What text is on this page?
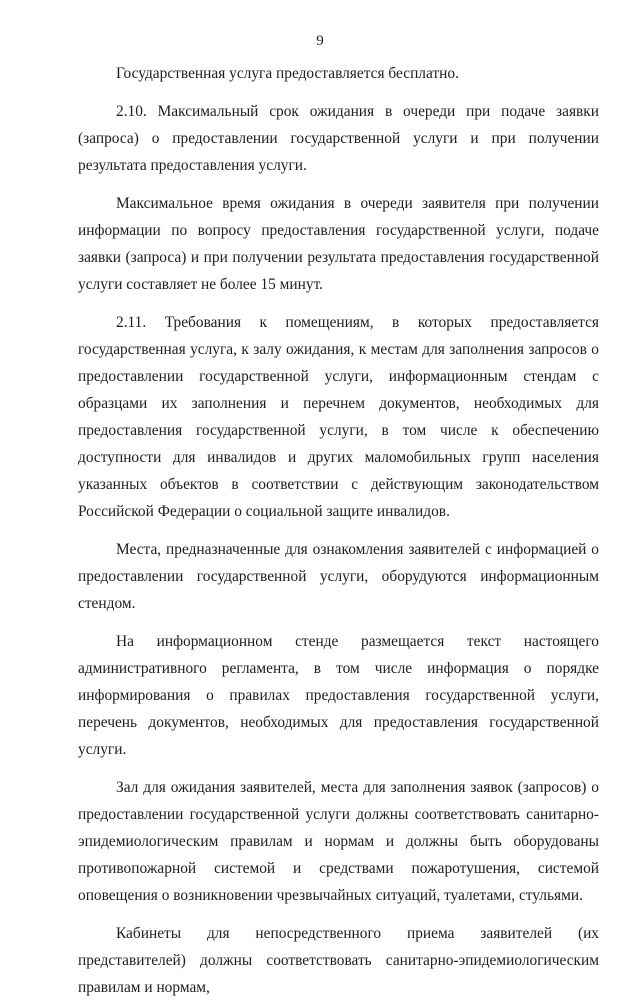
9

Государственная услуга предоставляется бесплатно.

2.10. Максимальный срок ожидания в очереди при подаче заявки (запроса) о предоставлении государственной услуги и при получении результата предоставления услуги.

Максимальное время ожидания в очереди заявителя при получении информации по вопросу предоставления государственной услуги, подаче заявки (запроса) и при получении результата предоставления государственной услуги составляет не более 15 минут.

2.11. Требования к помещениям, в которых предоставляется государственная услуга, к залу ожидания, к местам для заполнения запросов о предоставлении государственной услуги, информационным стендам с образцами их заполнения и перечнем документов, необходимых для предоставления государственной услуги, в том числе к обеспечению доступности для инвалидов и других маломобильных групп населения указанных объектов в соответствии с действующим законодательством Российской Федерации о социальной защите инвалидов.

Места, предназначенные для ознакомления заявителей с информацией о предоставлении государственной услуги, оборудуются информационным стендом.

На информационном стенде размещается текст настоящего административного регламента, в том числе информация о порядке информирования о правилах предоставления государственной услуги, перечень документов, необходимых для предоставления государственной услуги.

Зал для ожидания заявителей, места для заполнения заявок (запросов) о предоставлении государственной услуги должны соответствовать санитарно-эпидемиологическим правилам и нормам и должны быть оборудованы противопожарной системой и средствами пожаротушения, системой оповещения о возникновении чрезвычайных ситуаций, туалетами, стульями.

Кабинеты для непосредственного приема заявителей (их представителей) должны соответствовать санитарно-эпидемиологическим правилам и нормам,
